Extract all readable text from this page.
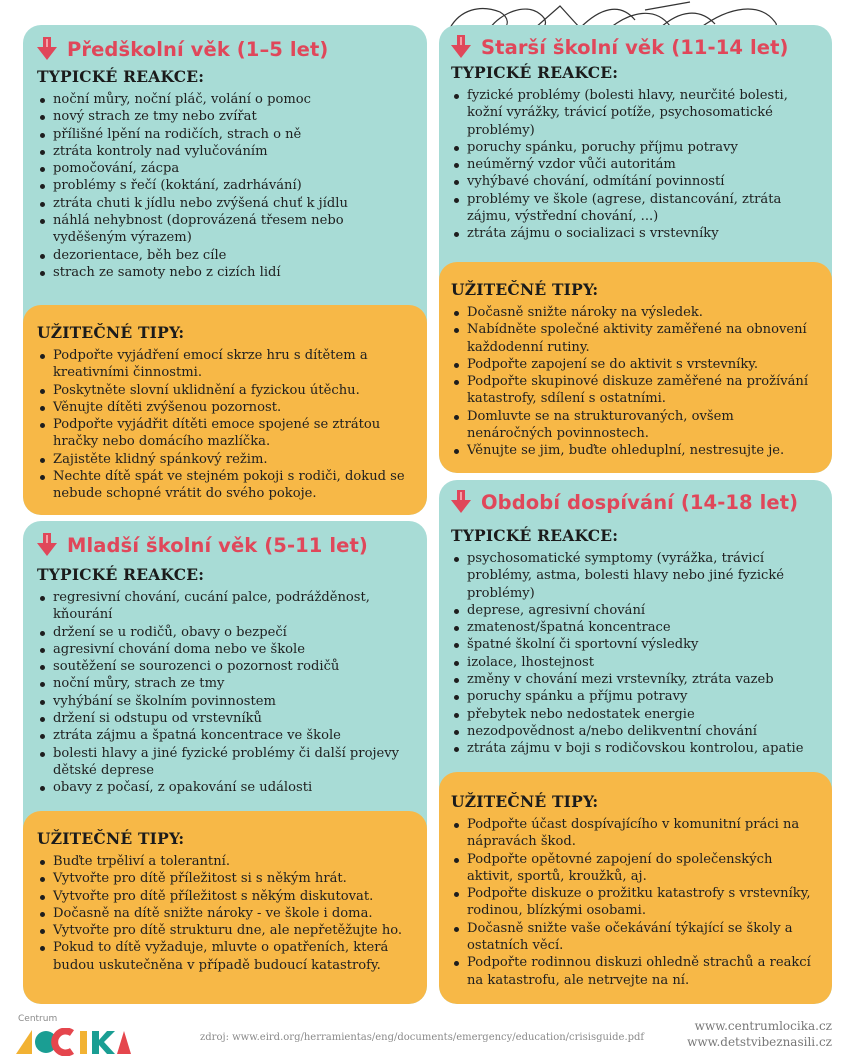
Předškolní věk (1–5 let)
TYPICKÉ REAKCE:
noční můry, noční pláč, volání o pomoc
nový strach ze tmy nebo zvířat
přílišné lpění na rodičích, strach o ně
ztráta kontroly nad vylučováním
pomočování, zácpa
problémy s řečí (koktání, zadrhávání)
ztráta chuti k jídlu nebo zvýšená chuť k jídlu
náhlá nehybnost (doprovázená třesem nebo vyděšeným výrazem)
dezorientace, běh bez cíle
strach ze samoty nebo z cizích lidí
UŽITEČNÉ TIPY:
Podpořte vyjádření emocí skrze hru s dítětem a kreativními činnostmi.
Poskytněte slovní uklidnění a fyzickou útěchu.
Věnujte dítěti zvýšenou pozornost.
Podpořte vyjádřit dítěti emoce spojené se ztrátou hračky nebo domácího mazlíčka.
Zajistěte klidný spánkový režim.
Nechte dítě spát ve stejném pokoji s rodiči, dokud se nebude schopné vrátit do svého pokoje.
Mladší školní věk (5-11 let)
TYPICKÉ REAKCE:
regresivní chování, cucání palce, podrážděnost, kňourání
držení se u rodičů, obavy o bezpečí
agresivní chování doma nebo ve škole
soutěžení se sourozenci o pozornost rodičů
noční můry, strach ze tmy
vyhýbání se školním povinnostem
držení si odstupu od vrstevníků
ztráta zájmu a špatná koncentrace ve škole
bolesti hlavy a jiné fyzické problémy či další projevy dětské deprese
obavy z počasí, z opakování se události
UŽITEČNÉ TIPY:
Buďte trpěliví a tolerantní.
Vytvořte pro dítě příležitost si s někým hrát.
Vytvořte pro dítě příležitost s někým diskutovat.
Dočasně na dítě snižte nároky - ve škole i doma.
Vytvořte pro dítě strukturu dne, ale nepřetěžujte ho.
Pokud to dítě vyžaduje, mluvte o opatřeních, která budou uskutečněna v případě budoucí katastrofy.
Starší školní věk (11-14 let)
TYPICKÉ REAKCE:
fyzické problémy (bolesti hlavy, neurčité bolesti, kožní vyrážky, trávicí potíže, psychosomatické problémy)
poruchy spánku, poruchy příjmu potravy
neúměrný vzdor vůči autoritám
vyhýbavé chování, odmítání povinností
problémy ve škole (agrese, distancování, ztráta zájmu, výstřední chování, ...)
ztráta zájmu o socializaci s vrstevníky
UŽITEČNÉ TIPY:
Dočasně snižte nároky na výsledek.
Nabídněte společné aktivity zaměřené na obnovení každodenní rutiny.
Podpořte zapojení se do aktivit s vrstevníky.
Podpořte skupinové diskuze zaměřené na prožívání katastrofy, sdílení s ostatními.
Domluvte se na strukturovaných, ovšem nenáročných povinnostech.
Věnujte se jim, buďte ohleduplní, nestresujte je.
Období dospívání (14-18 let)
TYPICKÉ REAKCE:
psychosomatické symptomy (vyrážka, trávicí problémy, astma, bolesti hlavy nebo jiné fyzické problémy)
deprese, agresivní chování
zmatenost/špatná koncentrace
špatné školní či sportovní výsledky
izolace, lhostejnost
změny v chování mezi vrstevníky, ztráta vazeb
poruchy spánku a příjmu potravy
přebytek nebo nedostatek energie
nezodpovědnost a/nebo delikventní chování
ztráta zájmu v boji s rodičovskou kontrolou, apatie
UŽITEČNÉ TIPY:
Podpořte účast dospívajícího v komunitní práci na nápravách škod.
Podpořte opětovné zapojení do společenských aktivit, sportů, kroužků, aj.
Podpořte diskuze o prožitku katastrofy s vrstevníky, rodinou, blízkými osobami.
Dočasně snižte vaše očekávání týkající se školy a ostatních věcí.
Podpořte rodinnou diskuzi ohledně strachů a reakcí na katastrofu, ale netrvejte na ní.
Centrum
zdroj: www.eird.org/herramientas/eng/documents/emergency/education/crisisguide.pdf
www.centrumlocika.cz
www.detstvibeznasili.cz
